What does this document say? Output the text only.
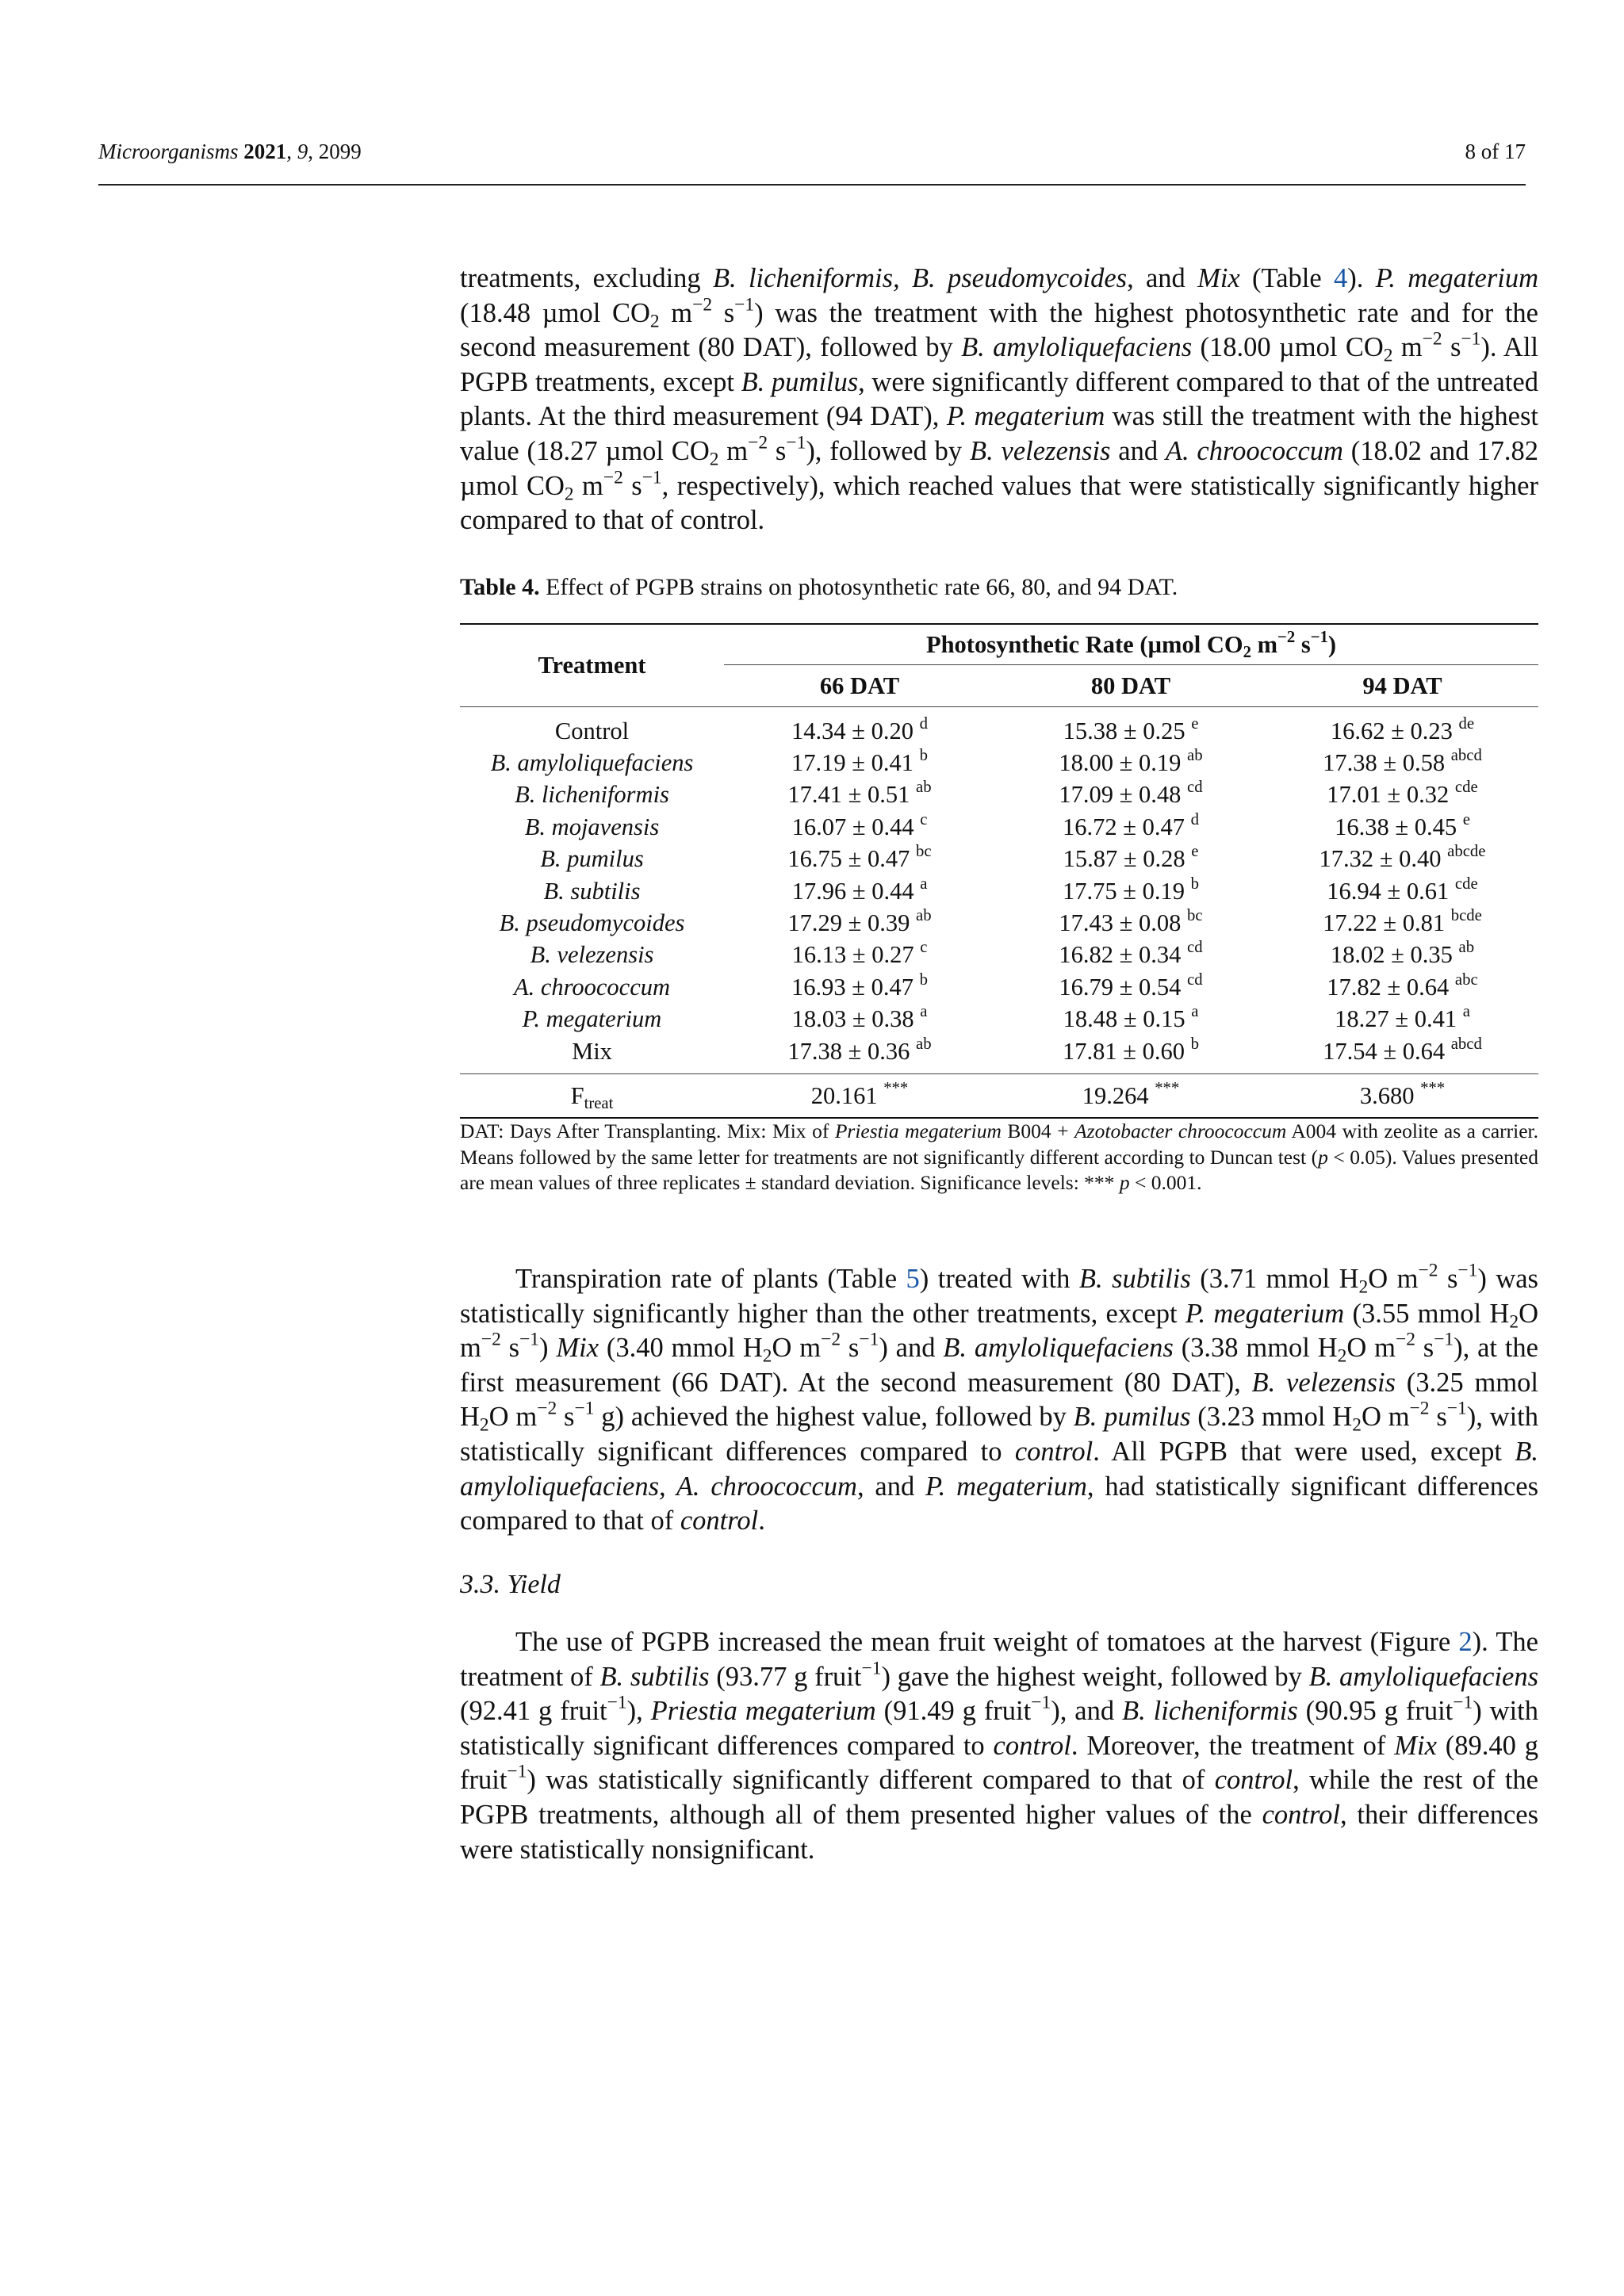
Microorganisms 2021, 9, 2099	8 of 17

treatments, excluding B. licheniformis, B. pseudomycoides, and Mix (Table 4). P. megaterium (18.48 µmol $CO_2$ $m^{-2}$ $s^{-1}$) was the treatment with the highest photosynthetic rate and for the second measurement (80 DAT), followed by B. amyloliquefaciens (18.00 µmol $CO_2$ $m^{-2}$ $s^{-1}$). All PGPB treatments, except B. pumilus, were significantly different compared to that of the untreated plants. At the third measurement (94 DAT), P. megaterium was still the treatment with the highest value (18.27 µmol $CO_2$ $m^{-2}$ $s^{-1}$), followed by B. velezensis and A. chroococcum (18.02 and 17.82 µmol $CO_2$ $m^{-2}$ $s^{-1}$, respectively), which reached values that were statistically significantly higher compared to that of control.

Table 4. Effect of PGPB strains on photosynthetic rate 66, 80, and 94 DAT.
Treatment	Photosynthetic Rate (µmol $CO_2$ $m^{-2}$ $s^{-1}$)		
	66 DAT	80 DAT	94 DAT
Control	14.34 ± 0.20 $^d$	15.38 ± 0.25 $^e$	16.62 ± 0.23 $^{de}$
B. amyloliquefaciens	17.19 ± 0.41 $^b$	18.00 ± 0.19 $^{ab}$	17.38 ± 0.58 $^{abcd}$
B. licheniformis	17.41 ± 0.51 $^{ab}$	17.09 ± 0.48 $^{cd}$	17.01 ± 0.32 $^{cde}$
B. mojavensis	16.07 ± 0.44 $^c$	16.72 ± 0.47 $^d$	16.38 ± 0.45 $^e$
B. pumilus	16.75 ± 0.47 $^{bc}$	15.87 ± 0.28 $^e$	17.32 ± 0.40 $^{abcde}$
B. subtilis	17.96 ± 0.44 $^a$	17.75 ± 0.19 $^b$	16.94 ± 0.61 $^{cde}$
B. pseudomycoides	17.29 ± 0.39 $^{ab}$	17.43 ± 0.08 $^{bc}$	17.22 ± 0.81 $^{bcde}$
B. velezensis	16.13 ± 0.27 $^c$	16.82 ± 0.34 $^{cd}$	18.02 ± 0.35 $^{ab}$
A. chroococcum	16.93 ± 0.47 $^b$	16.79 ± 0.54 $^{cd}$	17.82 ± 0.64 $^{abc}$
P. megaterium	18.03 ± 0.38 $^a$	18.48 ± 0.15 $^a$	18.27 ± 0.41 $^a$
Mix	17.38 ± 0.36 $^{ab}$	17.81 ± 0.60 $^b$	17.54 ± 0.64 $^{abcd}$
$F_{treat}$	20.161 ***	19.264 ***	3.680 ***
DAT: Days After Transplanting. Mix: Mix of Priestia megaterium B004 + Azotobacter chroococcum A004 with zeolite as a carrier. Means followed by the same letter for treatments are not significantly different according to Duncan test (p < 0.05). Values presented are mean values of three replicates ± standard deviation. Significance levels: *** p < 0.001.

Transpiration rate of plants (Table 5) treated with B. subtilis (3.71 mmol $H_2O$ $m^{-2}$ $s^{-1}$) was statistically significantly higher than the other treatments, except P. megaterium (3.55 mmol $H_2O$ $m^{-2}$ $s^{-1}$) Mix (3.40 mmol $H_2O$ $m^{-2}$ $s^{-1}$) and B. amyloliquefaciens (3.38 mmol $H_2O$ $m^{-2}$ $s^{-1}$), at the first measurement (66 DAT). At the second measurement (80 DAT), B. velezensis (3.25 mmol $H_2O$ $m^{-2}$ $s^{-1}$ g) achieved the highest value, followed by B. pumilus (3.23 mmol $H_2O$ $m^{-2}$ $s^{-1}$), with statistically significant differences compared to control. All PGPB that were used, except B. amyloliquefaciens, A. chroococcum, and P. megaterium, had statistically significant differences compared to that of control.

3.3. Yield

The use of PGPB increased the mean fruit weight of tomatoes at the harvest (Figure 2). The treatment of B. subtilis (93.77 g fruit$^{-1}$) gave the highest weight, followed by B. amyloliquefaciens (92.41 g fruit$^{-1}$), Priestia megaterium (91.49 g fruit$^{-1}$), and B. licheniformis (90.95 g fruit$^{-1}$) with statistically significant differences compared to control. Moreover, the treatment of Mix (89.40 g fruit$^{-1}$) was statistically significantly different compared to that of control, while the rest of the PGPB treatments, although all of them presented higher values of the control, their differences were statistically nonsignificant.
